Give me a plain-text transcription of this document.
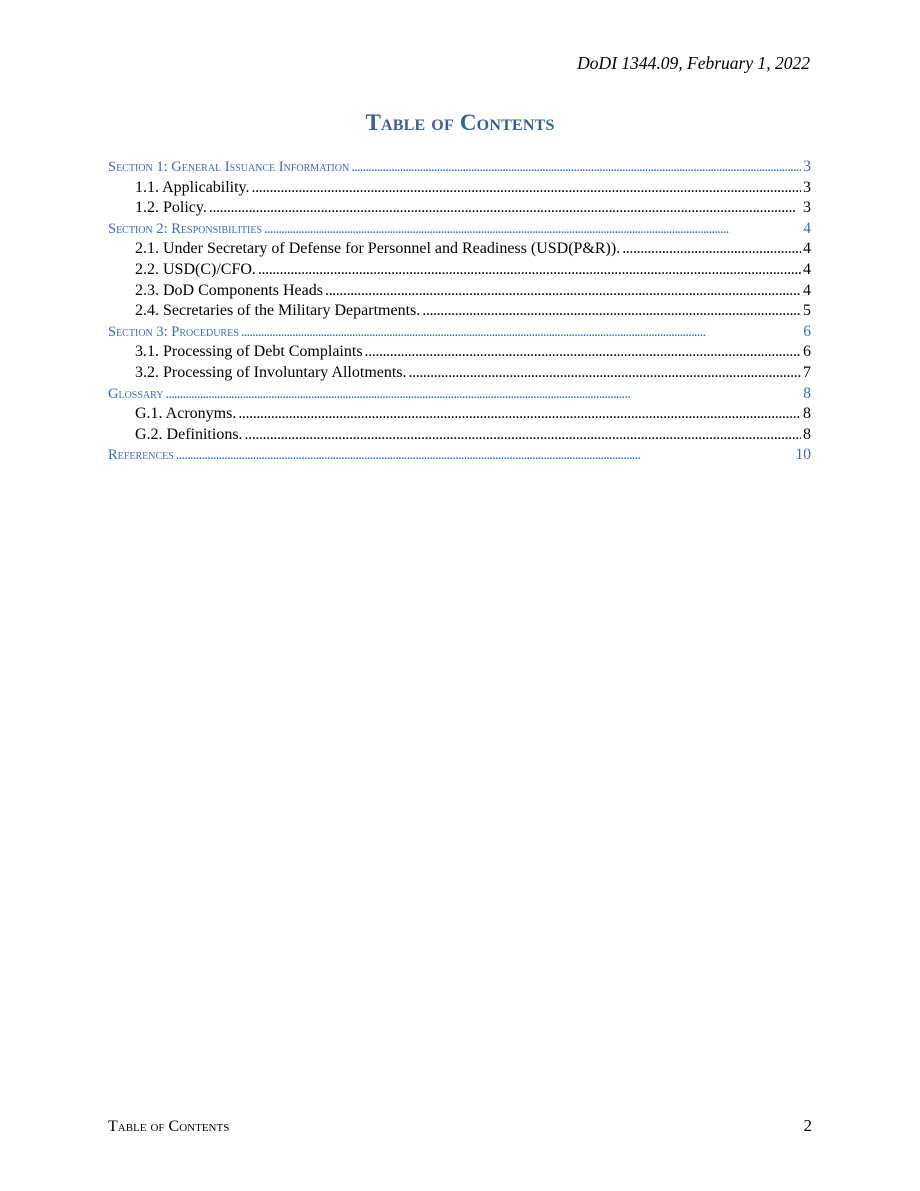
DoDI 1344.09, February 1, 2022
Table of Contents
Section 1: General Issuance Information . . .	3
1.1. Applicability. . . .	3
1.2. Policy. . . .	3
Section 2: Responsibilities . . .	4
2.1. Under Secretary of Defense for Personnel and Readiness (USD(P&R)). . . .	4
2.2. USD(C)/CFO. . . .	4
2.3. DoD Components Heads . . .	4
2.4. Secretaries of the Military Departments. . . .	5
Section 3: Procedures . . .	6
3.1. Processing of Debt Complaints . . .	6
3.2. Processing of Involuntary Allotments. . . .	7
Glossary . . .	8
G.1. Acronyms. . . .	8
G.2. Definitions. . . .	8
References . . .	10
Table of Contents	2
